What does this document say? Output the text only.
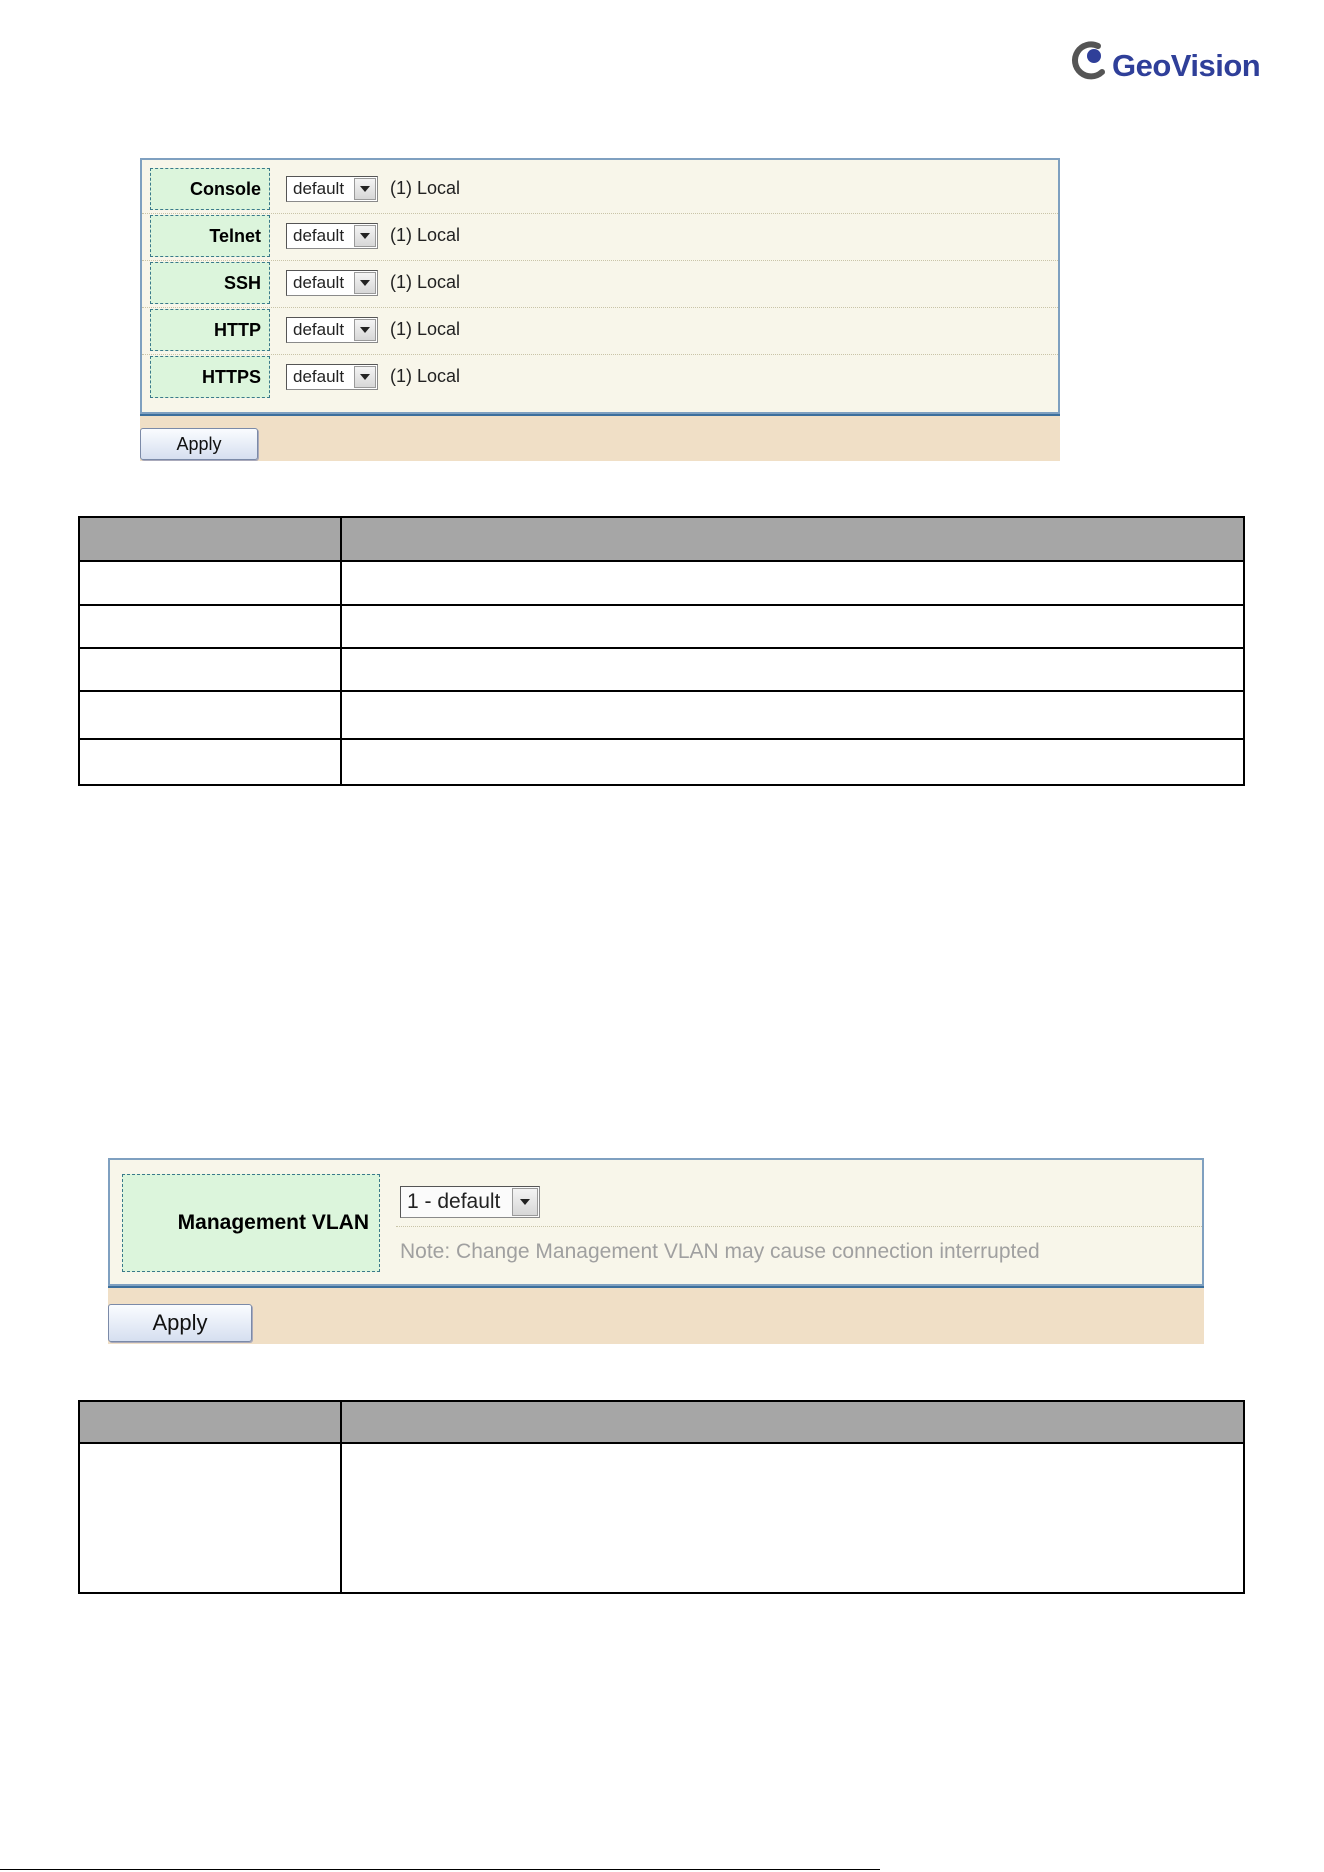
GeoVision
Console	default	(1) Local
Telnet	default	(1) Local
SSH	default	(1) Local
HTTP	default	(1) Local
HTTPS	default	(1) Local
Apply

Management VLAN
1 - default
Note: Change Management VLAN may cause connection interrupted
Apply
